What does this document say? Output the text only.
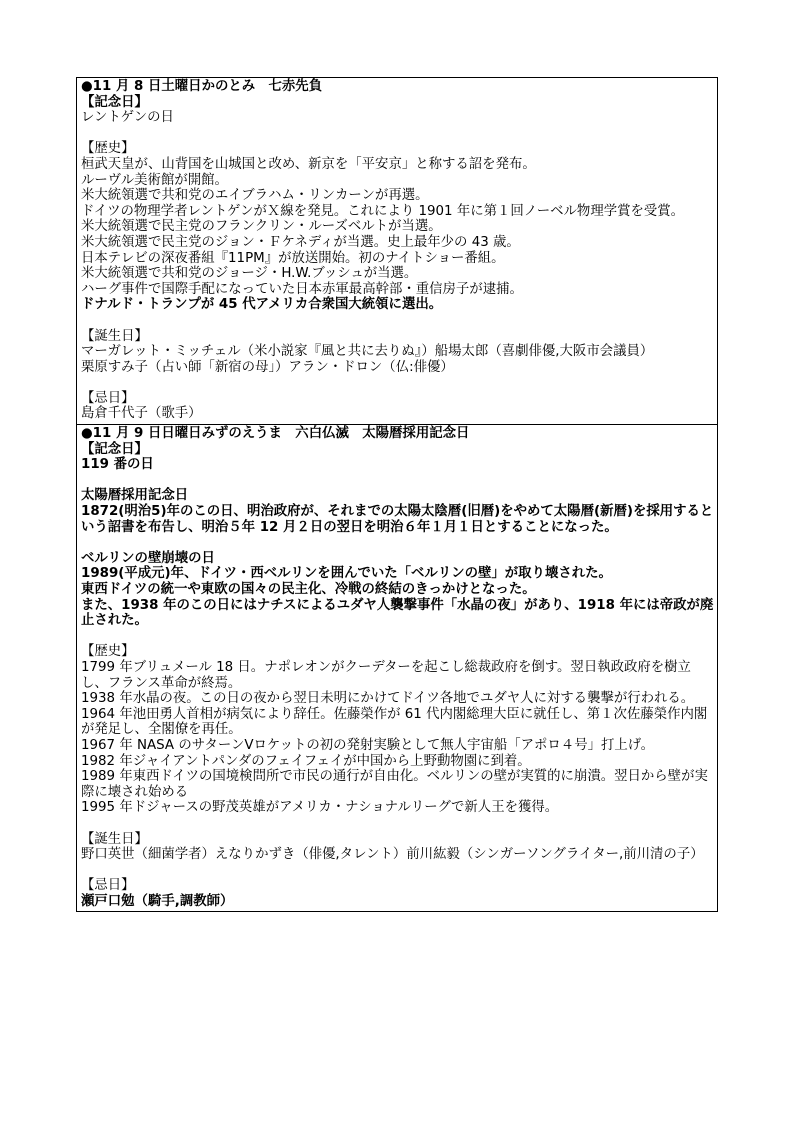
●11 月 8 日土曜日かのとみ　七赤先負
【記念日】
レントゲンの日
【歴史】
桓武天皇が、山背国を山城国と改め、新京を「平安京」と称する詔を発布。
ルーヴル美術館が開館。
米大統領選で共和党のエイブラハム・リンカーンが再選。
ドイツの物理学者レントゲンがＸ線を発見。これにより 1901 年に第１回ノーベル物理学賞を受賞。
米大統領選で民主党のフランクリン・ルーズベルトが当選。
米大統領選で民主党のジョン・Ｆケネディが当選。史上最年少の 43 歳。
日本テレビの深夜番組『11PM』が放送開始。初のナイトショー番組。
米大統領選で共和党のジョージ・H.W.ブッシュが当選。
ハーグ事件で国際手配になっていた日本赤軍最高幹部・重信房子が逮捕。
ドナルド・トランプが 45 代アメリカ合衆国大統領に選出。
【誕生日】
マーガレット・ミッチェル（米小説家『風と共に去りぬ』）船場太郎（喜劇俳優,大阪市会議員）
栗原すみ子（占い師「新宿の母」）アラン・ドロン（仏:俳優）
【忌日】
島倉千代子（歌手）
●11 月 9 日日曜日みずのえうま　六白仏滅　太陽暦採用記念日
【記念日】
119 番の日
太陽暦採用記念日
1872(明治5)年のこの日、明治政府が、それまでの太陽太陰暦(旧暦)をやめて太陽暦(新暦)を採用するという詔書を布告し、明治５年 12 月２日の翌日を明治６年１月１日とすることになった。
ベルリンの壁崩壊の日
1989(平成元)年、ドイツ・西ベルリンを囲んでいた「ベルリンの壁」が取り壊された。
東西ドイツの統一や東欧の国々の民主化、冷戦の終結のきっかけとなった。
また、1938 年のこの日にはナチスによるユダヤ人襲撃事件「水晶の夜」があり、1918 年には帝政が廃止された。
【歴史】
1799 年ブリュメール 18 日。ナポレオンがクーデターを起こし総裁政府を倒す。翌日執政政府を樹立し、フランス革命が終焉。
1938 年水晶の夜。この日の夜から翌日未明にかけてドイツ各地でユダヤ人に対する襲撃が行われる。
1964 年池田勇人首相が病気により辞任。佐藤榮作が 61 代内閣総理大臣に就任し、第１次佐藤榮作内閣が発足し、全閣僚を再任。
1967 年 NASA のサターンⅤロケットの初の発射実験として無人宇宙船「アポロ４号」打上げ。
1982 年ジャイアントパンダのフェイフェイが中国から上野動物園に到着。
1989 年東西ドイツの国境検問所で市民の通行が自由化。ベルリンの壁が実質的に崩潰。翌日から壁が実際に壊され始める
1995 年ドジャースの野茂英雄がアメリカ・ナショナルリーグで新人王を獲得。
【誕生日】
野口英世（細菌学者）えなりかずき（俳優,タレント）前川紘毅（シンガーソングライター,前川清の子）
【忌日】
瀬戸口勉（騎手,調教師）
